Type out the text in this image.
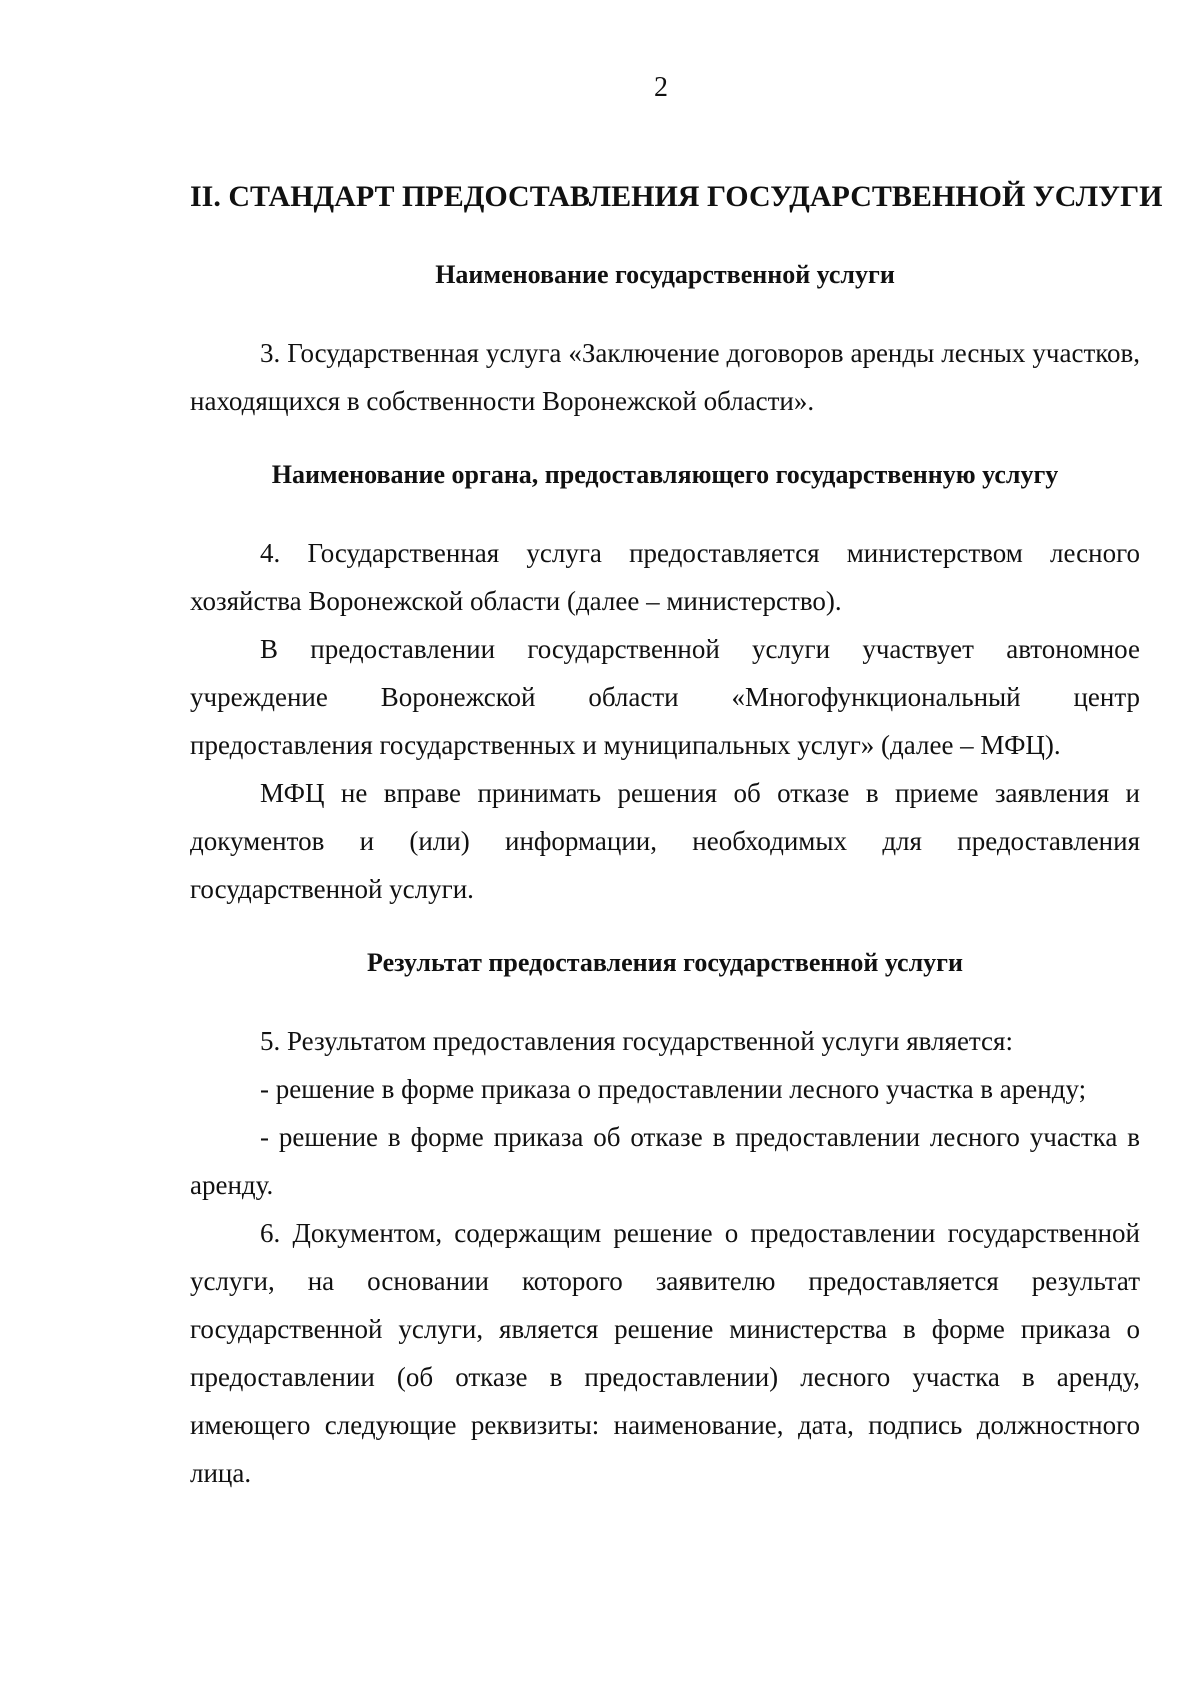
2
II. СТАНДАРТ ПРЕДОСТАВЛЕНИЯ ГОСУДАРСТВЕННОЙ УСЛУГИ
Наименование государственной услуги

3. Государственная услуга «Заключение договоров аренды лесных участков, находящихся в собственности Воронежской области».

Наименование органа, предоставляющего государственную услугу

4. Государственная услуга предоставляется министерством лесного хозяйства Воронежской области (далее – министерство).

В предоставлении государственной услуги участвует автономное учреждение Воронежской области «Многофункциональный центр предоставления государственных и муниципальных услуг» (далее – МФЦ).

МФЦ не вправе принимать решения об отказе в приеме заявления и документов и (или) информации, необходимых для предоставления государственной услуги.

Результат предоставления государственной услуги

5. Результатом предоставления государственной услуги является:

- решение в форме приказа о предоставлении лесного участка в аренду;

- решение в форме приказа об отказе в предоставлении лесного участка в аренду.

6. Документом, содержащим решение о предоставлении государственной услуги, на основании которого заявителю предоставляется результат государственной услуги, является решение министерства в форме приказа о предоставлении (об отказе в предоставлении) лесного участка в аренду, имеющего следующие реквизиты: наименование, дата, подпись должностного лица.
